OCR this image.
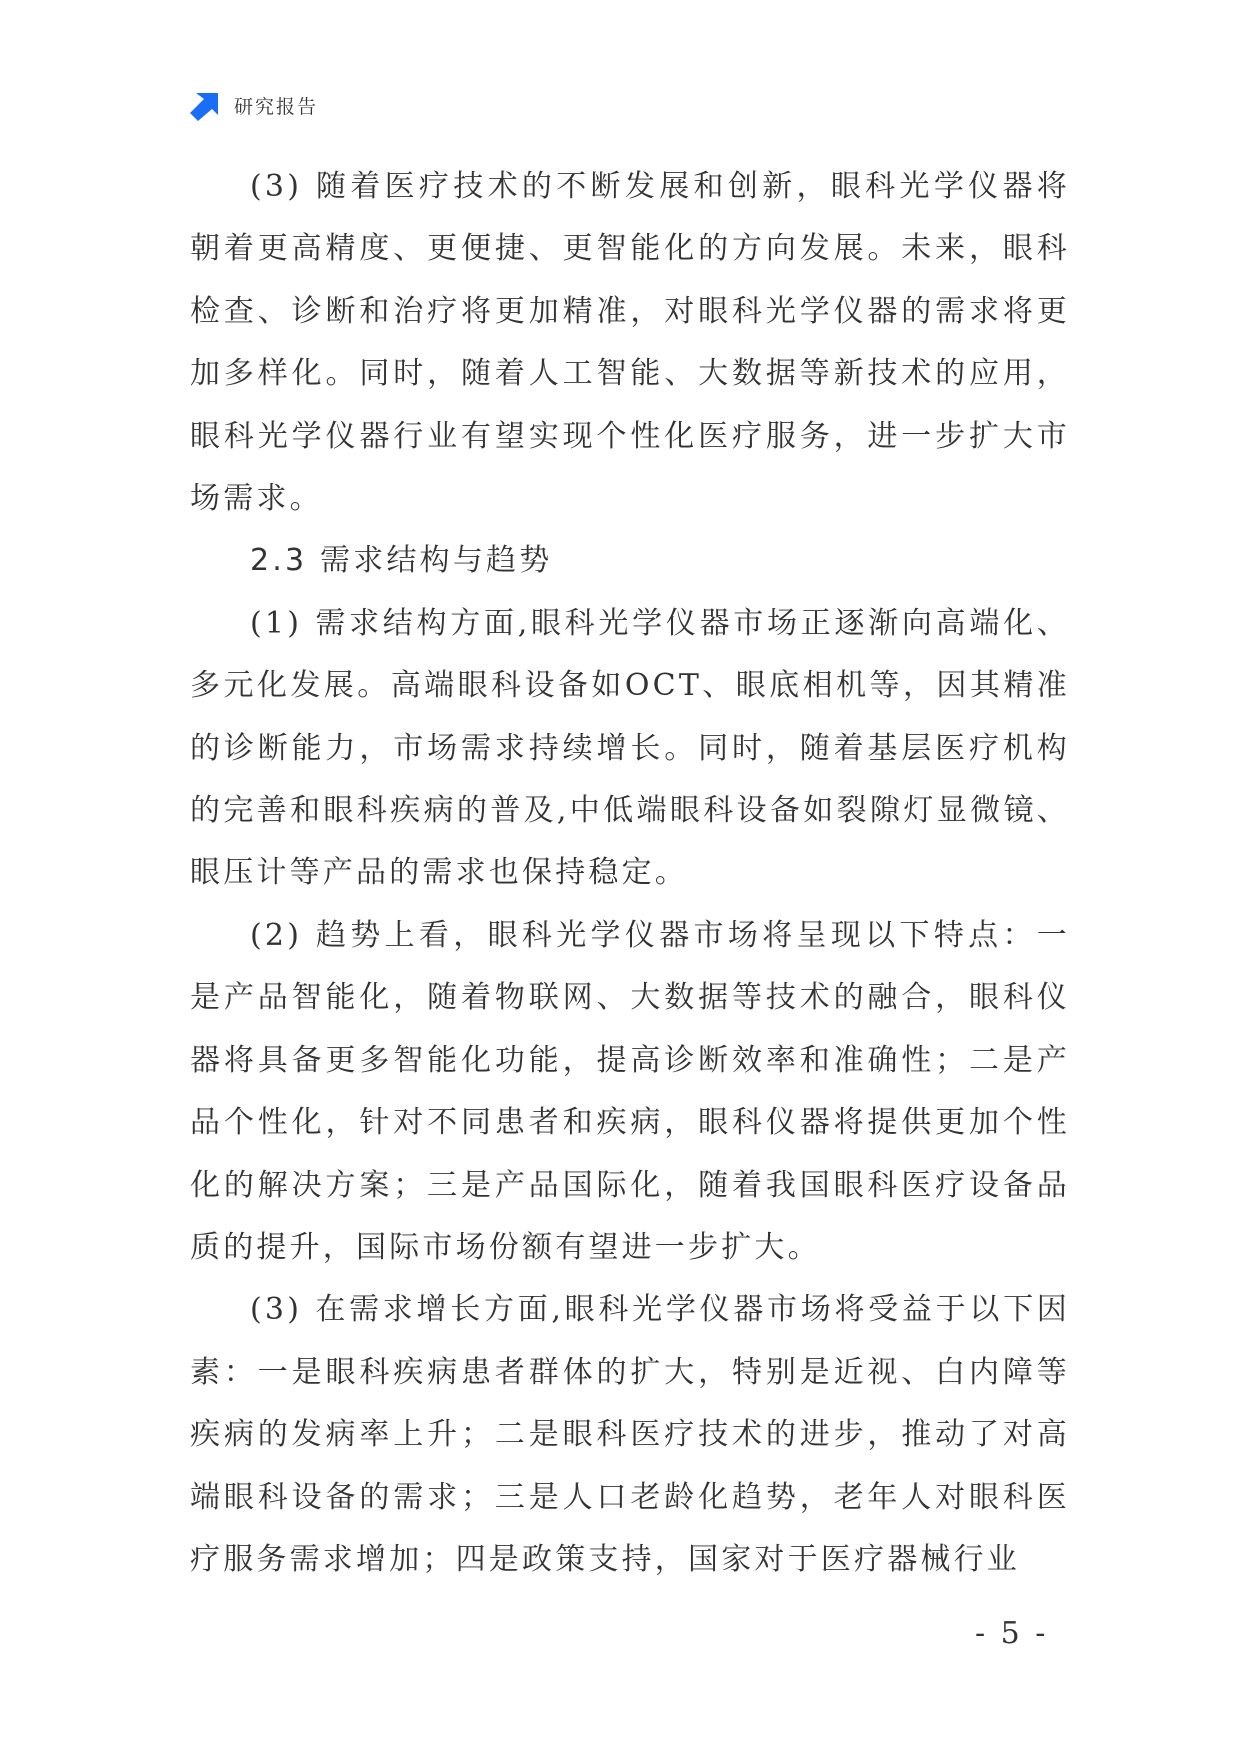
研究报告

(3) 随着医疗技术的不断发展和创新，眼科光学仪器将朝着更高精度、更便捷、更智能化的方向发展。未来，眼科检查、诊断和治疗将更加精准，对眼科光学仪器的需求将更加多样化。同时，随着人工智能、大数据等新技术的应用，眼科光学仪器行业有望实现个性化医疗服务，进一步扩大市场需求。

2.3 需求结构与趋势

(1) 需求结构方面,眼科光学仪器市场正逐渐向高端化、多元化发展。高端眼科设备如OCT、眼底相机等，因其精准的诊断能力，市场需求持续增长。同时，随着基层医疗机构的完善和眼科疾病的普及,中低端眼科设备如裂隙灯显微镜、眼压计等产品的需求也保持稳定。

(2) 趋势上看，眼科光学仪器市场将呈现以下特点：一是产品智能化，随着物联网、大数据等技术的融合，眼科仪器将具备更多智能化功能，提高诊断效率和准确性；二是产品个性化，针对不同患者和疾病，眼科仪器将提供更加个性化的解决方案；三是产品国际化，随着我国眼科医疗设备品质的提升，国际市场份额有望进一步扩大。

(3) 在需求增长方面,眼科光学仪器市场将受益于以下因素：一是眼科疾病患者群体的扩大，特别是近视、白内障等疾病的发病率上升；二是眼科医疗技术的进步，推动了对高端眼科设备的需求；三是人口老龄化趋势，老年人对眼科医疗服务需求增加；四是政策支持，国家对于医疗器械行业

- 5 -
